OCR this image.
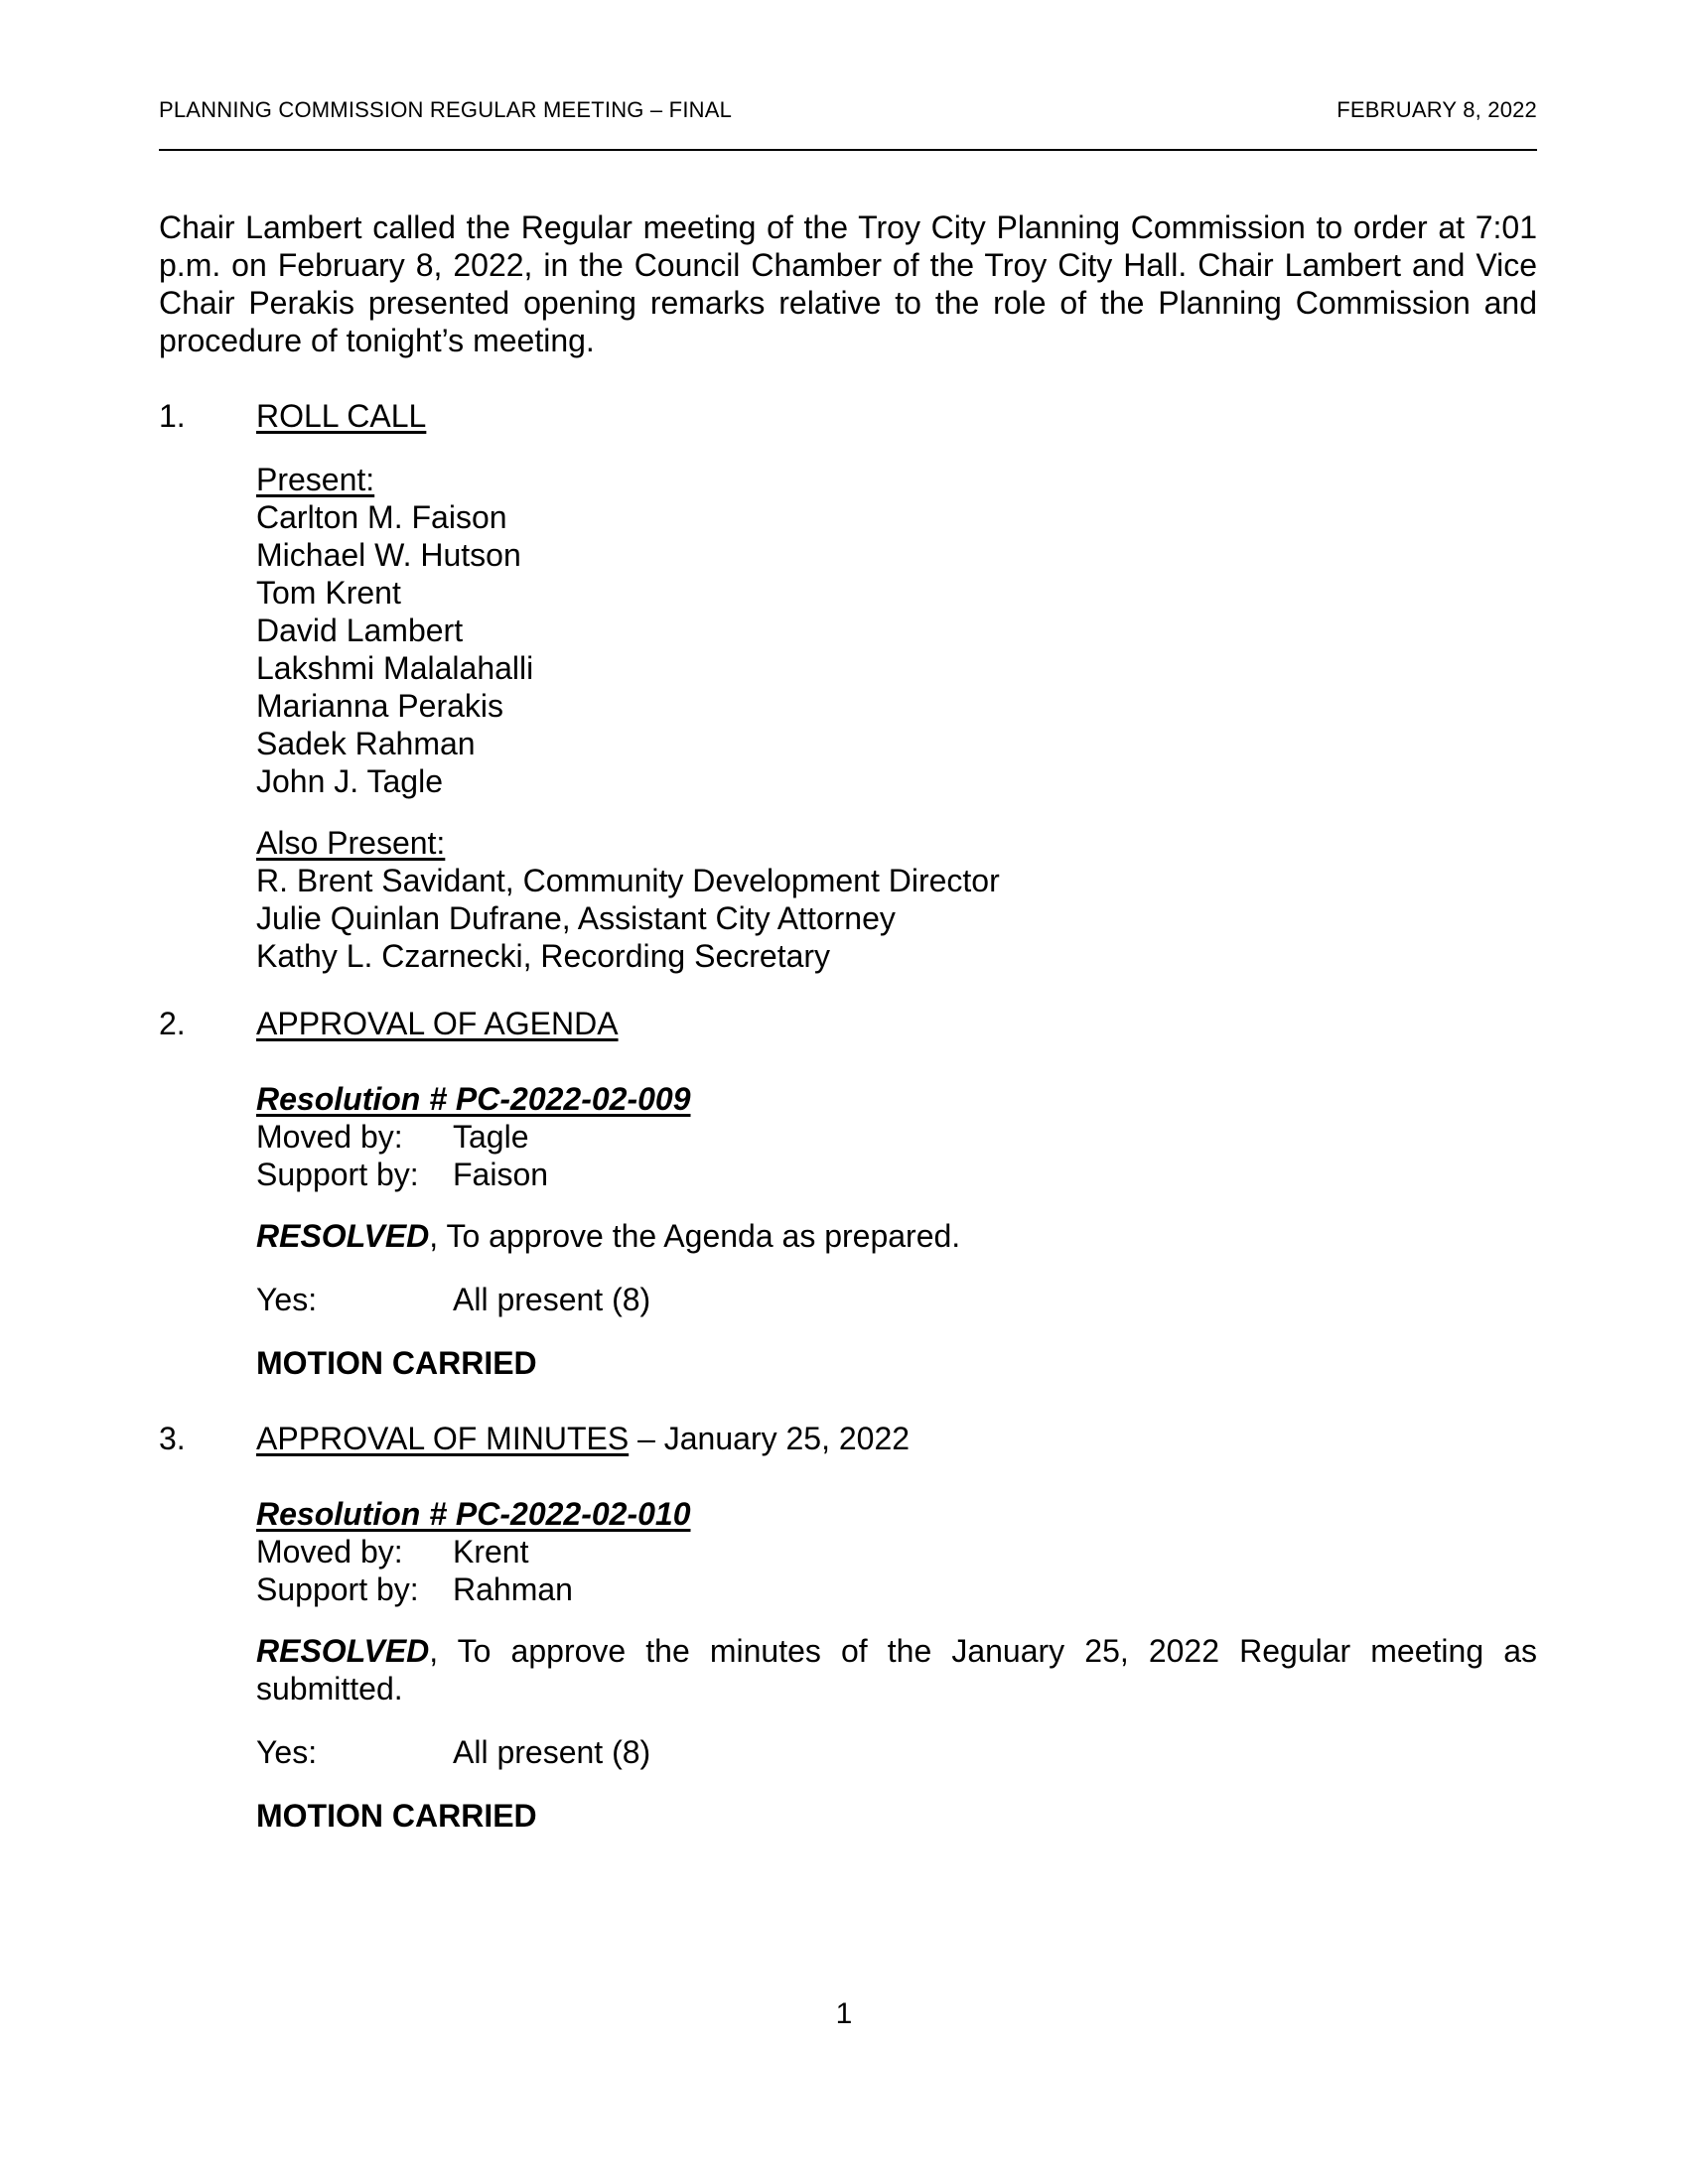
PLANNING COMMISSION REGULAR MEETING – FINAL	FEBRUARY 8, 2022
Chair Lambert called the Regular meeting of the Troy City Planning Commission to order at 7:01 p.m. on February 8, 2022, in the Council Chamber of the Troy City Hall. Chair Lambert and Vice Chair Perakis presented opening remarks relative to the role of the Planning Commission and procedure of tonight’s meeting.
1. ROLL CALL
Present:
Carlton M. Faison
Michael W. Hutson
Tom Krent
David Lambert
Lakshmi Malalahalli
Marianna Perakis
Sadek Rahman
John J. Tagle
Also Present:
R. Brent Savidant, Community Development Director
Julie Quinlan Dufrane, Assistant City Attorney
Kathy L. Czarnecki, Recording Secretary
2. APPROVAL OF AGENDA
Resolution # PC-2022-02-009
Moved by:	Tagle
Support by:	Faison
RESOLVED, To approve the Agenda as prepared.
Yes:	All present (8)
MOTION CARRIED
3. APPROVAL OF MINUTES – January 25, 2022
Resolution # PC-2022-02-010
Moved by:	Krent
Support by:	Rahman
RESOLVED, To approve the minutes of the January 25, 2022 Regular meeting as submitted.
Yes:	All present (8)
MOTION CARRIED
1
